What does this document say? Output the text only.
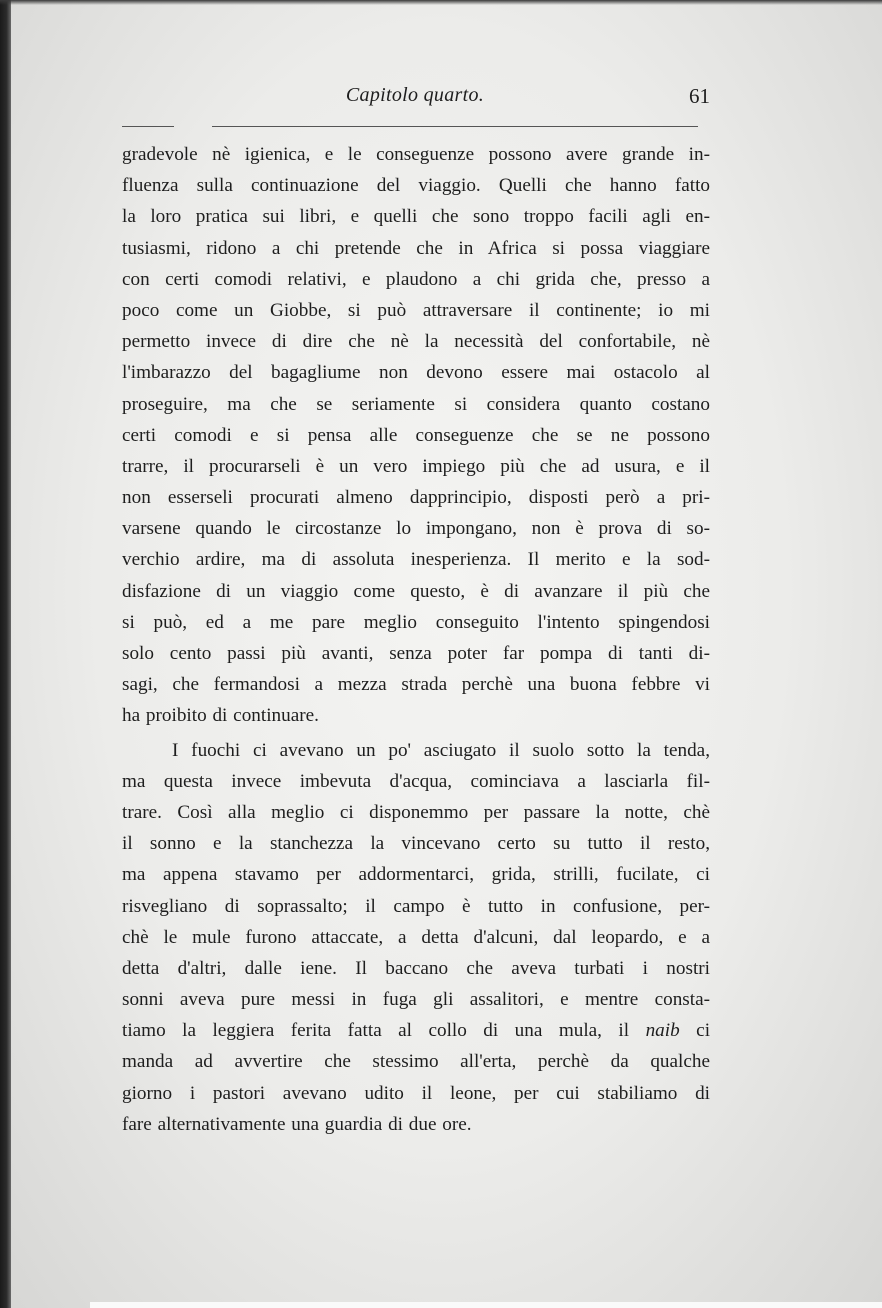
Capitolo quarto.	61
gradevole nè igienica, e le conseguenze possono avere grande in-
fluenza sulla continuazione del viaggio. Quelli che hanno fatto
la loro pratica sui libri, e quelli che sono troppo facili agli en-
tusiasmi, ridono a chi pretende che in Africa si possa viaggiare
con certi comodi relativi, e plaudono a chi grida che, presso a
poco come un Giobbe, si può attraversare il continente; io mi
permetto invece di dire che nè la necessità del confortabile, nè
l'imbarazzo del bagagliume non devono essere mai ostacolo al
proseguire, ma che se seriamente si considera quanto costano
certi comodi e si pensa alle conseguenze che se ne possono
trarre, il procurarseli è un vero impiego più che ad usura, e il
non esserseli procurati almeno dapprincipio, disposti però a pri-
varsene quando le circostanze lo impongano, non è prova di so-
verchio ardire, ma di assoluta inesperienza. Il merito e la sod-
disfazione di un viaggio come questo, è di avanzare il più che
si può, ed a me pare meglio conseguito l'intento spingendosi
solo cento passi più avanti, senza poter far pompa di tanti di-
sagi, che fermandosi a mezza strada perchè una buona febbre vi
ha proibito di continuare.
I fuochi ci avevano un po' asciugato il suolo sotto la tenda,
ma questa invece imbevuta d'acqua, cominciava a lasciarla fil-
trare. Così alla meglio ci disponemmo per passare la notte, chè
il sonno e la stanchezza la vincevano certo su tutto il resto,
ma appena stavamo per addormentarci, grida, strilli, fucilate, ci
risvegliano di soprassalto; il campo è tutto in confusione, per-
chè le mule furono attaccate, a detta d'alcuni, dal leopardo, e a
detta d'altri, dalle iene. Il baccano che aveva turbati i nostri
sonni aveva pure messi in fuga gli assalitori, e mentre consta-
tiamo la leggiera ferita fatta al collo di una mula, il naib ci
manda ad avvertire che stessimo all'erta, perchè da qualche
giorno i pastori avevano udito il leone, per cui stabiliamo di
fare alternativamente una guardia di due ore.
